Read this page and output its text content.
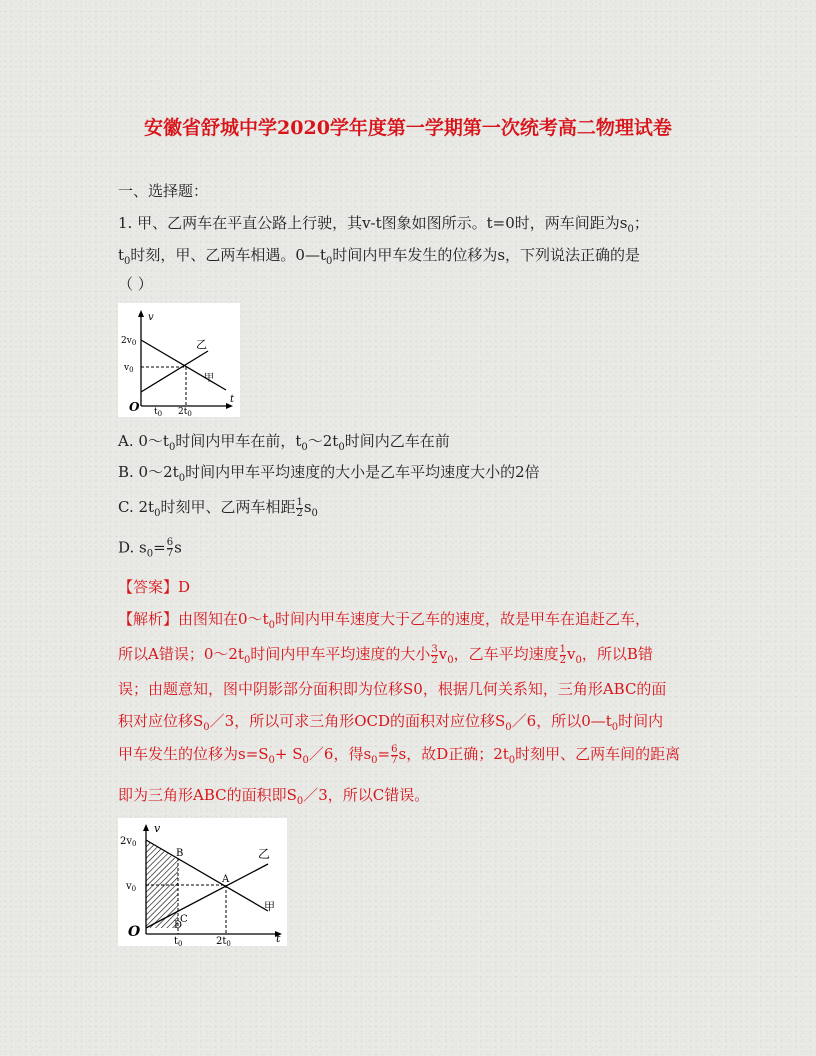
安徽省舒城中学2020学年度第一学期第一次统考高二物理试卷
一、选择题：
1. 甲、乙两车在平直公路上行驶，其v-t图象如图所示。t=0时，两车间距为$s_0$；
$t_0$时刻，甲、乙两车相遇。$0—t_0$时间内甲车发生的位移为s，下列说法正确的是
（ ）
v
t
O
$2v_0$
$v_0$
$t_0$ $2t_0$
乙
甲
A. $0\sim t_0$时间内甲车在前，$t_0\sim 2t_0$时间内乙车在前
B. $0\sim 2t_0$时间内甲车平均速度的大小是乙车平均速度大小的2倍
C. $2t_0$时刻甲、乙两车相距 $\frac{1}{2} s_0$
D. $s_0= \frac{6}{7}$ s
【答案】D
【解析】由图知在$0\sim t_0$时间内甲车速度大于乙车的速度，故是甲车在追赶乙车，
所以A错误；$0\sim 2t_0$时间内甲车平均速度的大小 $\frac{3}{2} v_0$，乙车平均速度 $\frac{1}{2} v_0$，所以B错
误；由题意知，图中阴影部分面积即为位移S0，根据几何关系知，三角形ABC的面
积对应位移$S_0/3$，所以可求三角形OCD的面积对应位移$S_0/6$，所以$0—t_0$时间内
甲车发生的位移为$s=S_0+$ $S_0/6$，得$s_0= \frac{6}{7}$ s，故D正确；$2t_0$时刻甲、乙两车间的距离
即为三角形ABC的面积即$S_0/3$，所以C错误。
v
t
O
$2v_0$
$v_0$
$t_0$	$2t_0$
B
A
C
D
乙
甲
